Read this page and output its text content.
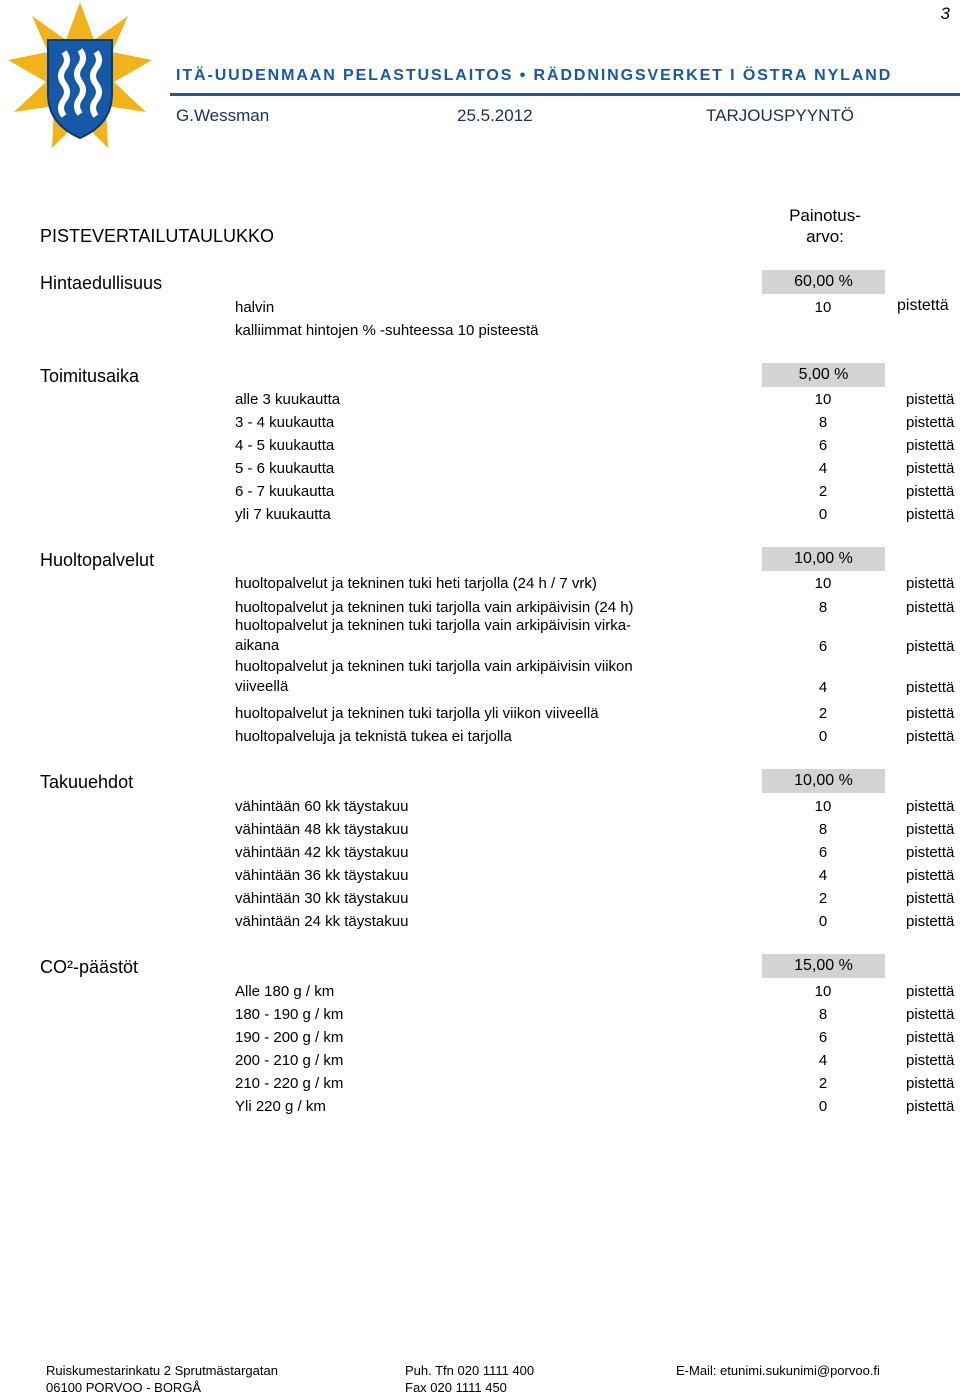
3
ITÄ-UUDENMAAN PELASTUSLAITOS • RÄDDNINGSVERKET I ÖSTRA NYLAND
G.Wessman	25.5.2012	TARJOUSPYYNTÖ
PISTEVERTAILUTAULUKKO
Painotus-
arvo:
Hintaedullisuus	60,00 %
halvin	10	pistettä
kalliimmat hintojen % -suhteessa 10 pisteestä
Toimitusaika	5,00 %
alle 3 kuukautta	10	pistettä
3 - 4 kuukautta	8	pistettä
4 - 5 kuukautta	6	pistettä
5 - 6 kuukautta	4	pistettä
6 - 7 kuukautta	2	pistettä
yli 7 kuukautta	0	pistettä
Huoltopalvelut	10,00 %
huoltopalvelut ja tekninen tuki heti tarjolla (24 h / 7 vrk)	10	pistettä
huoltopalvelut ja tekninen tuki tarjolla vain arkipäivisin (24 h)	8	pistettä
huoltopalvelut ja tekninen tuki tarjolla vain arkipäivisin virka-
aikana	6	pistettä
huoltopalvelut ja tekninen tuki tarjolla vain arkipäivisin viikon
viiveellä	4	pistettä
huoltopalvelut ja tekninen tuki tarjolla yli viikon viiveellä	2	pistettä
huoltopalveluja ja teknistä tukea ei tarjolla	0	pistettä
Takuuehdot	10,00 %
vähintään 60 kk täystakuu	10	pistettä
vähintään 48 kk täystakuu	8	pistettä
vähintään 42 kk täystakuu	6	pistettä
vähintään 36 kk täystakuu	4	pistettä
vähintään 30 kk täystakuu	2	pistettä
vähintään 24 kk täystakuu	0	pistettä
CO²-päästöt	15,00 %
Alle 180 g / km	10	pistettä
180 - 190 g / km	8	pistettä
190 - 200 g / km	6	pistettä
200 - 210 g / km	4	pistettä
210 - 220 g / km	2	pistettä
Yli 220 g / km	0	pistettä
Ruiskumestarinkatu 2 Sprutmästargatan
06100 PORVOO - BORGÅ
Puh. Tfn 020 1111 400
Fax 020 1111 450
E-Mail: etunimi.sukunimi@porvoo.fi
